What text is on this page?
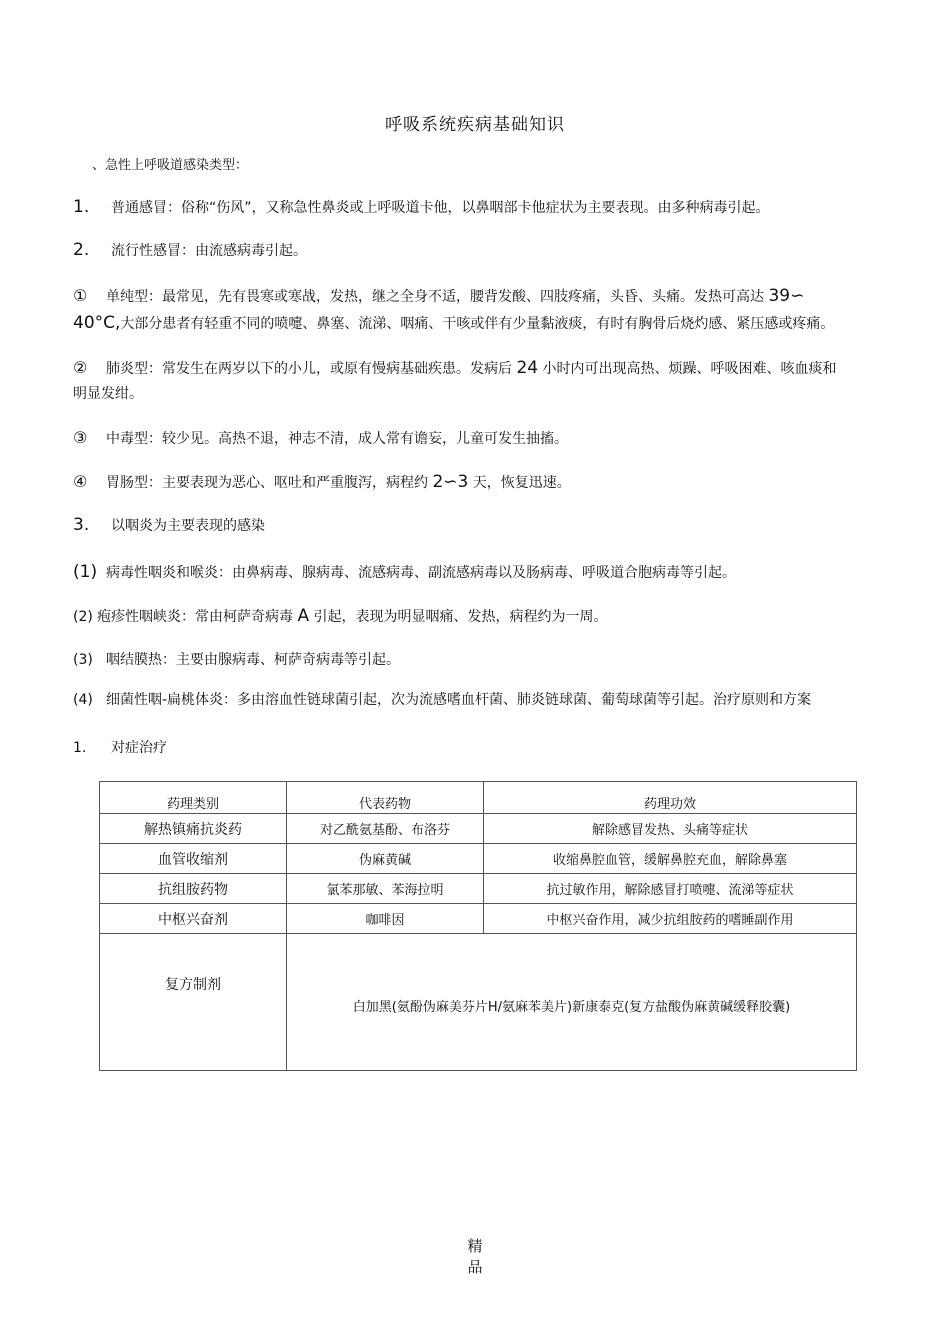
呼吸系统疾病基础知识
、急性上呼吸道感染类型：
1. 普通感冒：俗称“伤风”，又称急性鼻炎或上呼吸道卡他，以鼻咽部卡他症状为主要表现。由多种病毒引起。
2. 流行性感冒：由流感病毒引起。
① 单纯型：最常见，先有畏寒或寒战，发热，继之全身不适，腰背发酸、四肢疼痛，头昏、头痛。发热可高达 39∽
40°C,大部分患者有轻重不同的喷嚏、鼻塞、流涕、咽痛、干咳或伴有少量黏液痰，有时有胸骨后烧灼感、紧压感或疼痛。
② 肺炎型：常发生在两岁以下的小儿，或原有慢病基础疾患。发病后 24 小时内可出现高热、烦躁、呼吸困难、咳血痰和
明显发绀。
③ 中毒型：较少见。高热不退，神志不清，成人常有谵妄，儿童可发生抽搐。
④ 胃肠型：主要表现为恶心、呕吐和严重腹泻，病程约 2∽3 天，恢复迅速。
3. 以咽炎为主要表现的感染
(1) 病毒性咽炎和喉炎：由鼻病毒、腺病毒、流感病毒、副流感病毒以及肠病毒、呼吸道合胞病毒等引起。
(2) 疱疹性咽峡炎：常由柯萨奇病毒 A 引起，表现为明显咽痛、发热，病程约为一周。
(3) 咽结膜热：主要由腺病毒、柯萨奇病毒等引起。
(4) 细菌性咽-扁桃体炎：多由溶血性链球菌引起，次为流感嗜血杆菌、肺炎链球菌、葡萄球菌等引起。治疗原则和方案
1. 对症治疗
药理类别	代表药物	药理功效
解热镇痛抗炎药	对乙酰氨基酚、布洛芬	解除感冒发热、头痛等症状
血管收缩剂	伪麻黄碱	收缩鼻腔血管，缓解鼻腔充血，解除鼻塞
抗组胺药物	氯苯那敏、苯海拉明	抗过敏作用，解除感冒打喷嚏、流涕等症状
中枢兴奋剂	咖啡因	中枢兴奋作用，减少抗组胺药的嗜睡副作用
复方制剂	白加黑(氨酚伪麻美芬片H/氨麻苯美片)新康泰克(复方盐酸伪麻黄碱缓释胶囊)	
精
品
